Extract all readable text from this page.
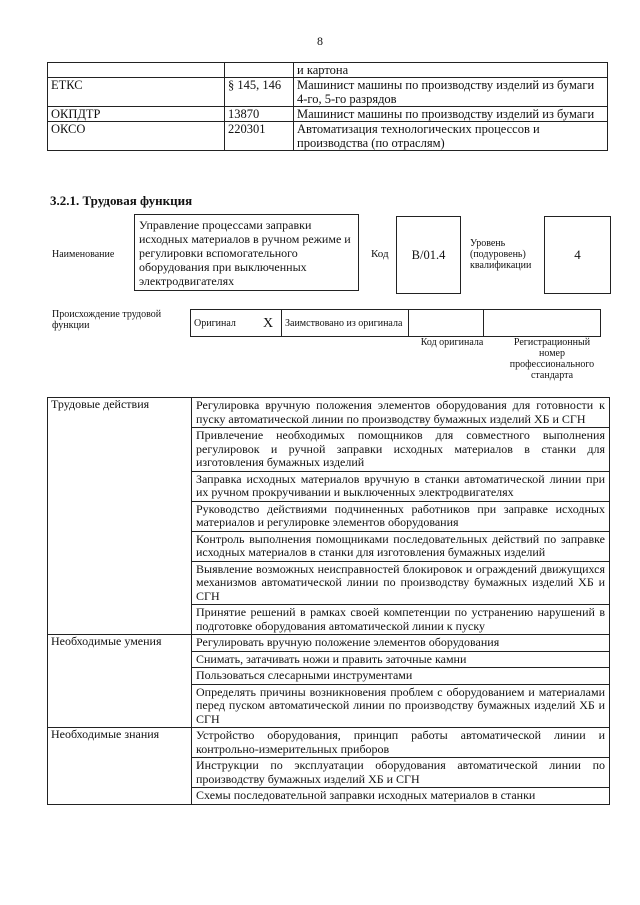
8
		и картона
ЕТКС	§ 145, 146	Машинист машины по производству изделий из бумаги 4-го, 5-го разрядов
ОКПДТР	13870	Машинист машины по производству изделий из бумаги
ОКСО	220301	Автоматизация технологических процессов и производства (по отраслям)
3.2.1. Трудовая функция
Наименование
Управление процессами заправки исходных материалов в ручном режиме и регулировки вспомогательного оборудования при выключенных электродвигателях
Код	В/01.4
Уровень (подуровень) квалификации
4
Происхождение трудовой функции	Оригинал	Х	Заимствовано из оригинала		
Код оригинала	Регистрационный номер профессионального стандарта
Трудовые действия	Регулировка вручную положения элементов оборудования для готовности к пуску автоматической линии по производству бумажных изделий ХБ и СГН
	Привлечение необходимых помощников для совместного выполнения регулировок и ручной заправки исходных материалов в станки для изготовления бумажных изделий
	Заправка исходных материалов вручную в станки автоматической линии при их ручном прокручивании и выключенных электродвигателях
	Руководство действиями подчиненных работников при заправке исходных материалов и регулировке элементов оборудования
	Контроль выполнения помощниками последовательных действий по заправке исходных материалов в станки для изготовления бумажных изделий
	Выявление возможных неисправностей блокировок и ограждений движущихся механизмов автоматической линии по производству бумажных изделий ХБ и СГН
	Принятие решений в рамках своей компетенции по устранению нарушений в подготовке оборудования автоматической линии к пуску
Необходимые умения	Регулировать вручную положение элементов оборудования
	Снимать, затачивать ножи и править заточные камни
	Пользоваться слесарными инструментами
	Определять причины возникновения проблем с оборудованием и материалами перед пуском автоматической линии по производству бумажных изделий ХБ и СГН
Необходимые знания	Устройство оборудования, принцип работы автоматической линии и контрольно-измерительных приборов
	Инструкции по эксплуатации оборудования автоматической линии по производству бумажных изделий ХБ и СГН
	Схемы последовательной заправки исходных материалов в станки
